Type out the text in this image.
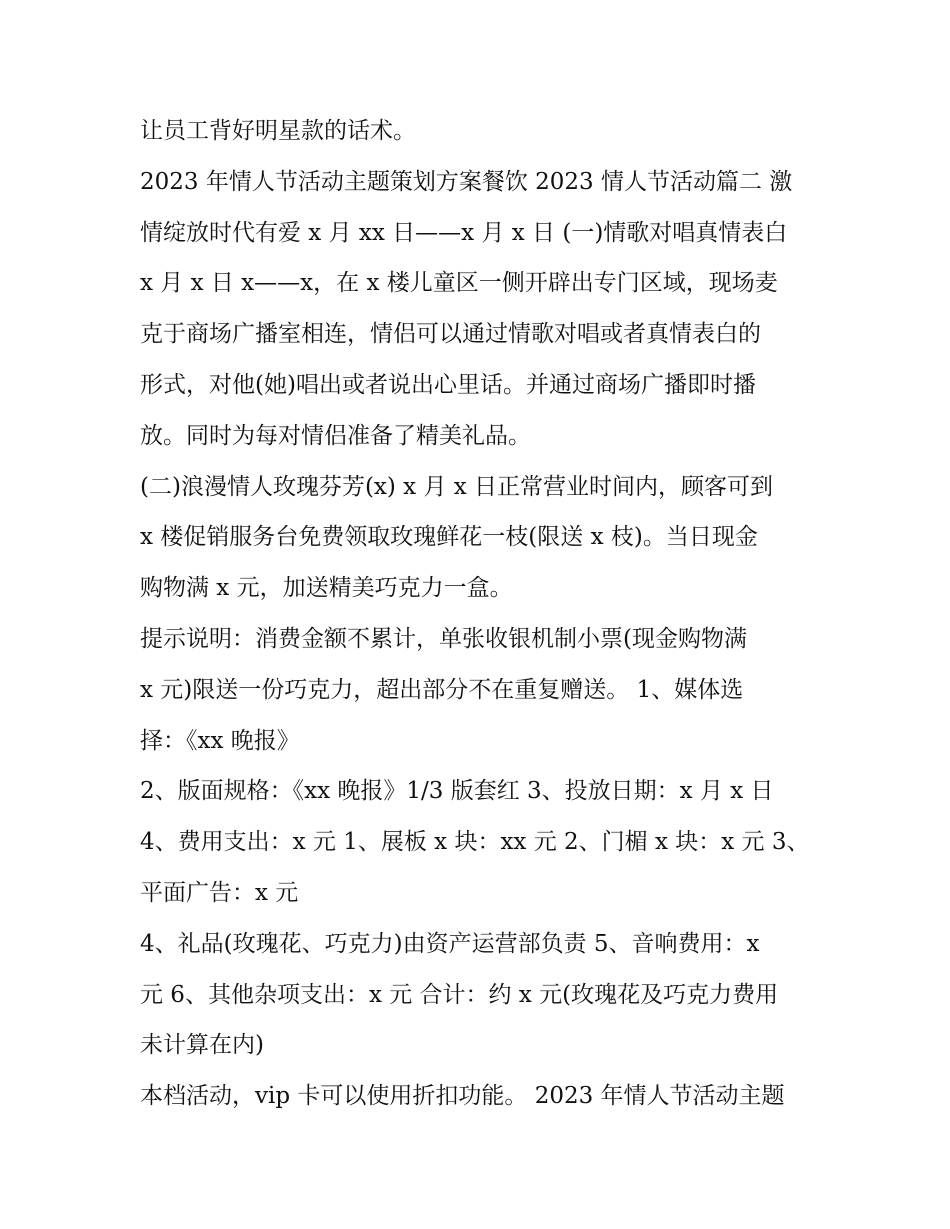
让员工背好明星款的话术。
2023 年情人节活动主题策划方案餐饮 2023 情人节活动篇二 激
情绽放时代有爱 x 月 xx 日——x 月 x 日 (一)情歌对唱真情表白
x 月 x 日 x——x，在 x 楼儿童区一侧开辟出专门区域，现场麦
克于商场广播室相连，情侣可以通过情歌对唱或者真情表白的
形式，对他(她)唱出或者说出心里话。并通过商场广播即时播
放。同时为每对情侣准备了精美礼品。
(二)浪漫情人玫瑰芬芳(x) x 月 x 日正常营业时间内，顾客可到
x 楼促销服务台免费领取玫瑰鲜花一枝(限送 x 枝)。当日现金
购物满 x 元，加送精美巧克力一盒。
提示说明：消费金额不累计，单张收银机制小票(现金购物满
x 元)限送一份巧克力，超出部分不在重复赠送。 1、媒体选
择：《xx 晚报》
2、版面规格：《xx 晚报》1/3 版套红 3、投放日期：x 月 x 日
4、费用支出：x 元 1、展板 x 块：xx 元 2、门楣 x 块：x 元 3、
平面广告：x 元
4、礼品(玫瑰花、巧克力)由资产运营部负责 5、音响费用：x
元 6、其他杂项支出：x 元 合计：约 x 元(玫瑰花及巧克力费用
未计算在内)
本档活动，vip 卡可以使用折扣功能。 2023 年情人节活动主题
